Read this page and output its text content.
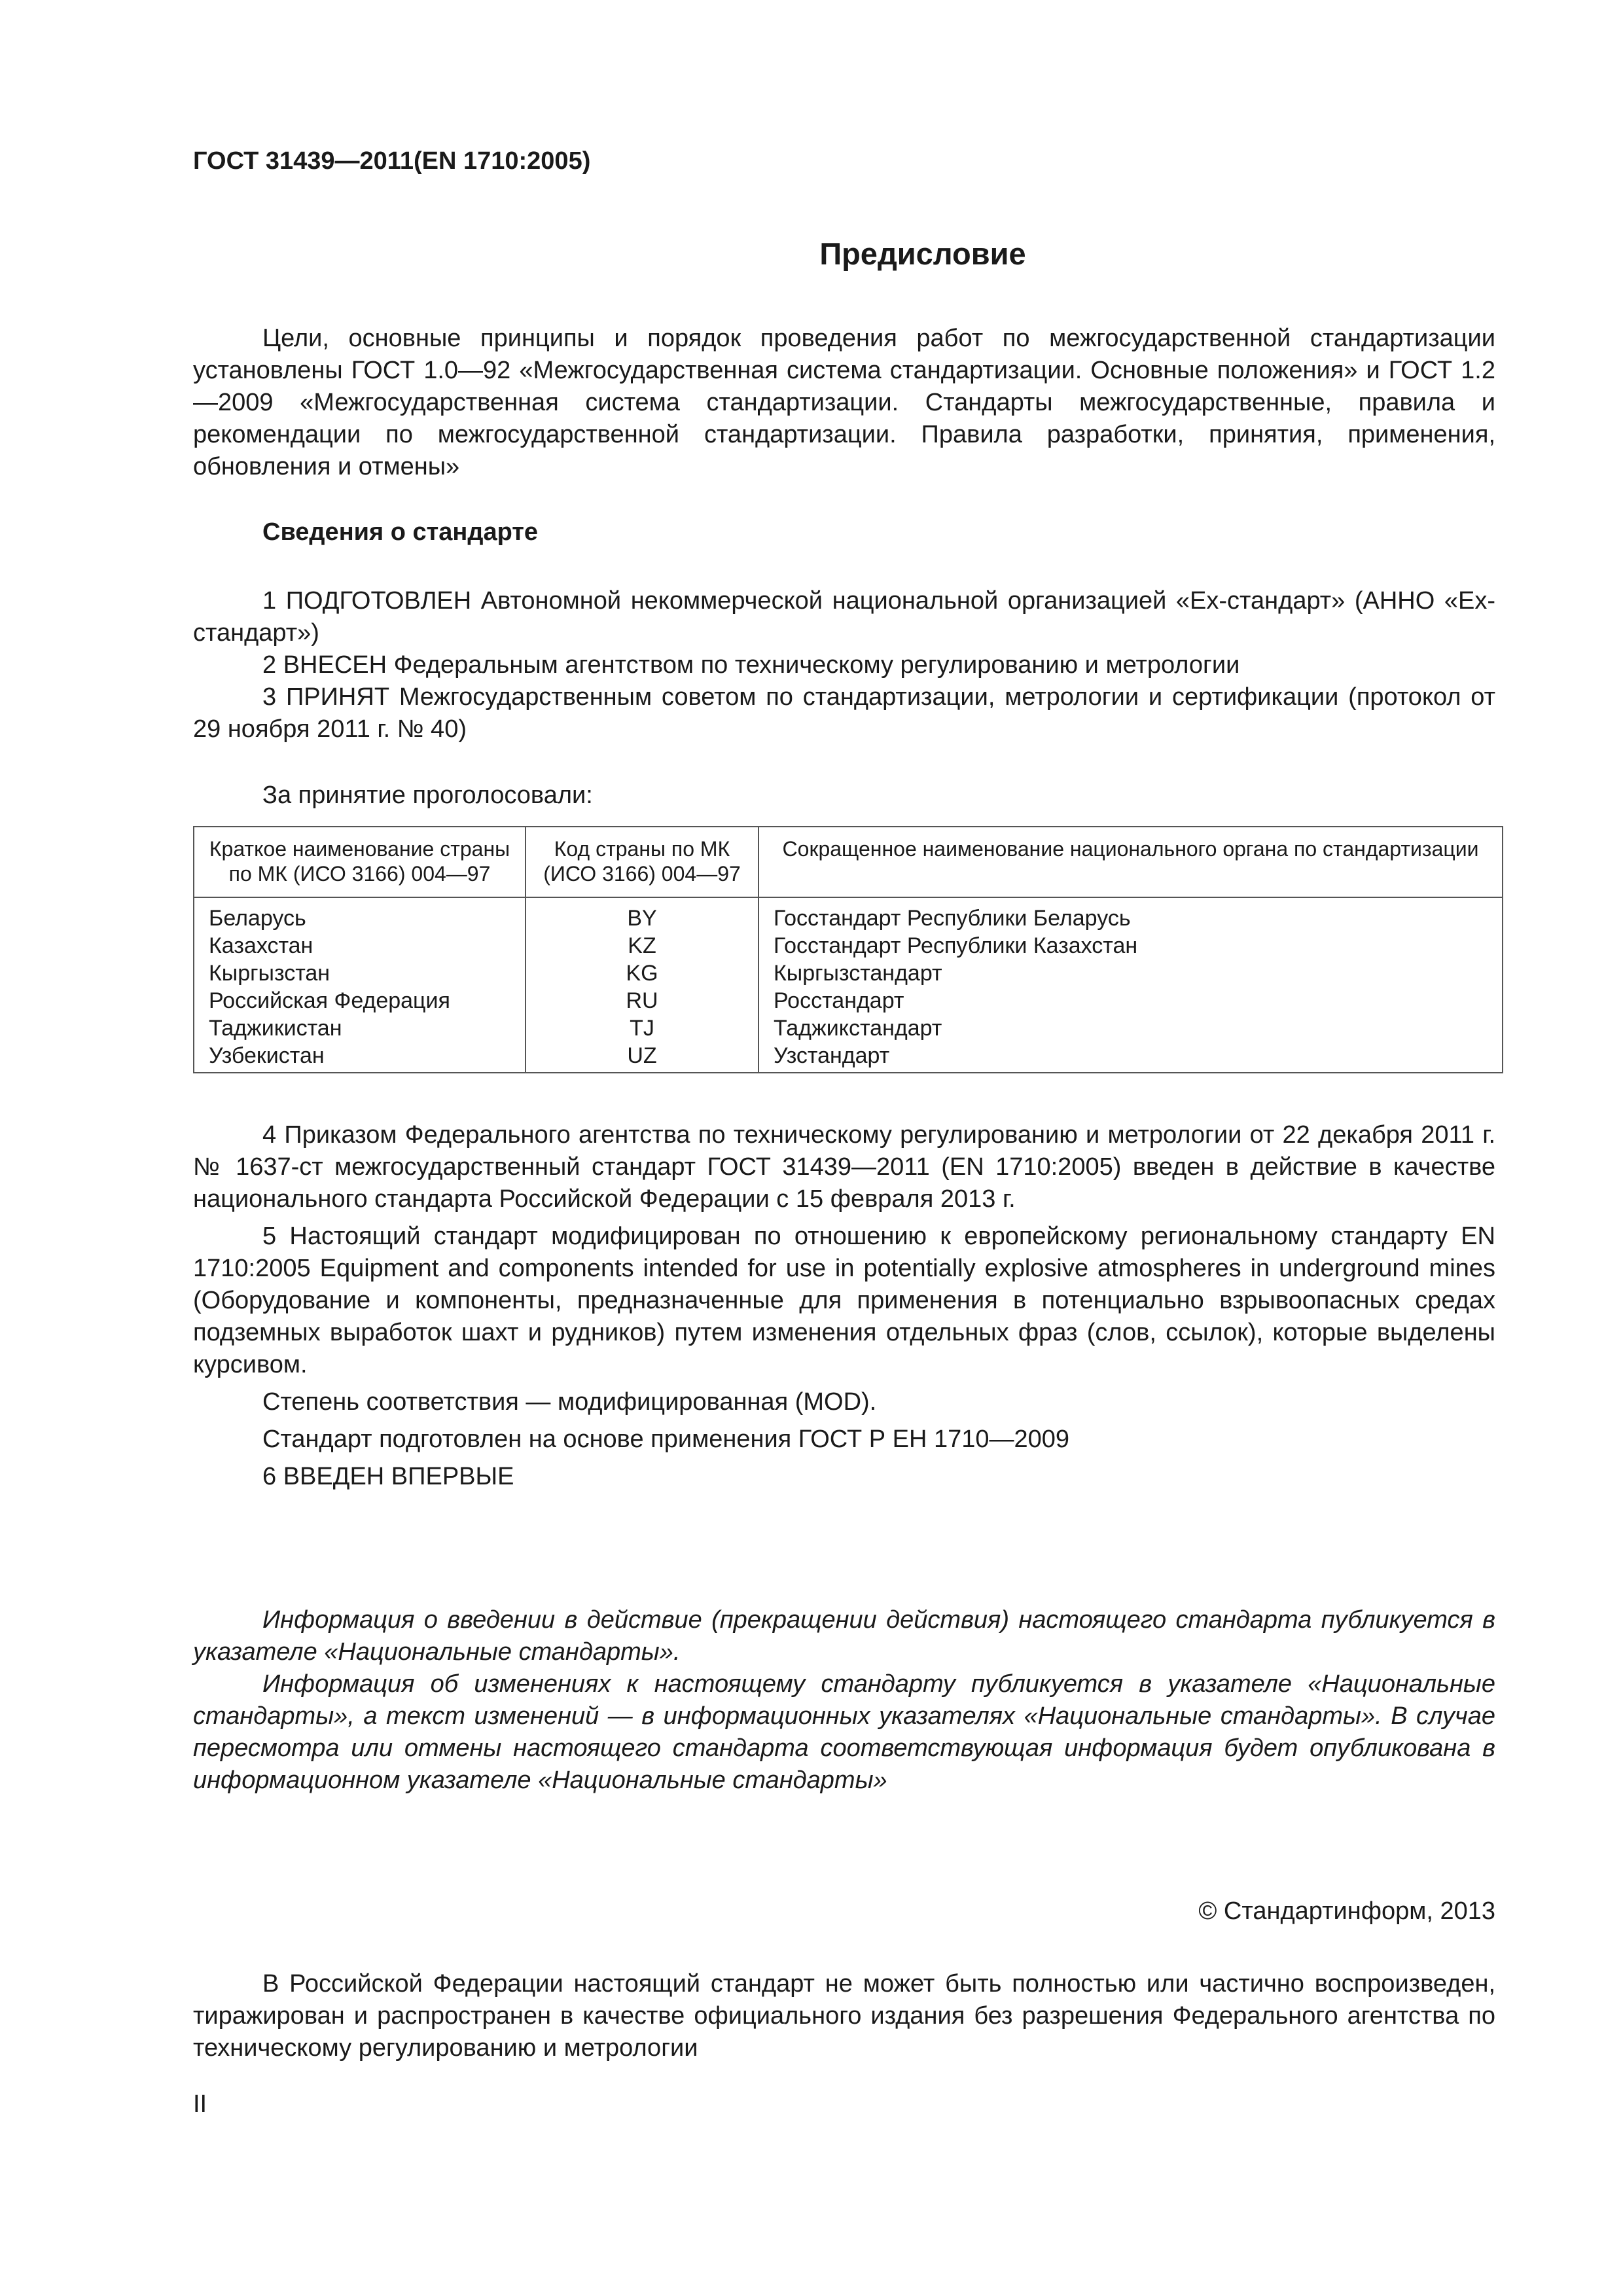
ГОСТ 31439—2011(EN 1710:2005)
Предисловие

Цели, основные принципы и порядок проведения работ по межгосударственной стандартизации установлены ГОСТ 1.0—92 «Межгосударственная система стандартизации. Основные положения» и ГОСТ 1.2—2009 «Межгосударственная система стандартизации. Стандарты межгосударственные, правила и рекомендации по межгосударственной стандартизации. Правила разработки, принятия, применения, обновления и отмены»

Сведения о стандарте

1 ПОДГОТОВЛЕН Автономной некоммерческой национальной организацией «Ех-стандарт» (АННО «Ех-стандарт»)

2 ВНЕСЕН Федеральным агентством по техническому регулированию и метрологии

3 ПРИНЯТ Межгосударственным советом по стандартизации, метрологии и сертификации (протокол от 29 ноября 2011 г. № 40)

За принятие проголосовали:
Краткое наименование страны по МК (ИСО 3166) 004—97	Код страны по МК (ИСО 3166) 004—97	Сокращенное наименование национального органа по стандартизации
Беларусь	BY	Госстандарт Республики Беларусь
Казахстан	KZ	Госстандарт Республики Казахстан
Кыргызстан	KG	Кыргызстандарт
Российская Федерация	RU	Росстандарт
Таджикистан	TJ	Таджикстандарт
Узбекистан	UZ	Узстандарт

4 Приказом Федерального агентства по техническому регулированию и метрологии от 22 декабря 2011 г. № 1637-ст межгосударственный стандарт ГОСТ 31439—2011 (EN 1710:2005) введен в действие в качестве национального стандарта Российской Федерации с 15 февраля 2013 г.

5 Настоящий стандарт модифицирован по отношению к европейскому региональному стандарту EN 1710:2005 Equipment and components intended for use in potentially explosive atmospheres in underground mines (Оборудование и компоненты, предназначенные для применения в потенциально взрывоопасных средах подземных выработок шахт и рудников) путем изменения отдельных фраз (слов, ссылок), которые выделены курсивом.

Степень соответствия — модифицированная (MOD).

Стандарт подготовлен на основе применения ГОСТ Р ЕН 1710—2009

6 ВВЕДЕН ВПЕРВЫЕ

Информация о введении в действие (прекращении действия) настоящего стандарта публикуется в указателе «Национальные стандарты».

Информация об изменениях к настоящему стандарту публикуется в указателе «Национальные стандарты», а текст изменений — в информационных указателях «Национальные стандарты». В случае пересмотра или отмены настоящего стандарта соответствующая информация будет опубликована в информационном указателе «Национальные стандарты»

© Стандартинформ, 2013

В Российской Федерации настоящий стандарт не может быть полностью или частично воспроизведен, тиражирован и распространен в качестве официального издания без разрешения Федерального агентства по техническому регулированию и метрологии

II
